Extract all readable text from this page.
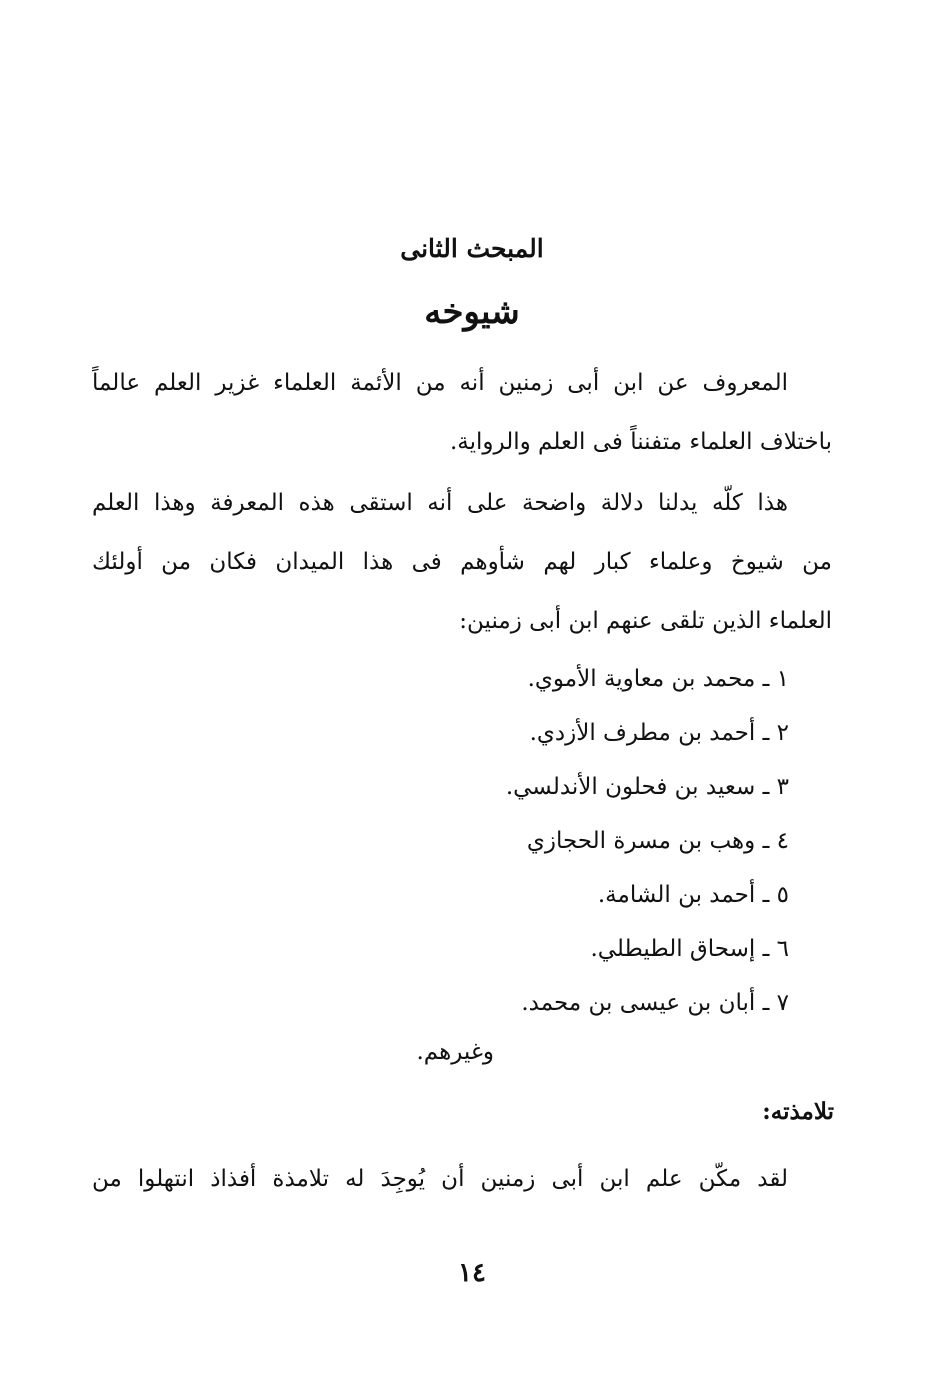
المبحث الثانى
شيوخه

المعروف عن ابن أبى زمنين أنه من الأئمة العلماء غزير العلم عالماً
باختلاف العلماء متفنناً فى العلم والرواية.

هذا كلّه يدلنا دلالة واضحة على أنه استقى هذه المعرفة وهذا العلم
من شيوخ وعلماء كبار لهم شأوهم فى هذا الميدان فكان من أولئك
العلماء الذين تلقى عنهم ابن أبى زمنين:

١ ـ محمد بن معاوية الأموي.
٢ ـ أحمد بن مطرف الأزدي.
٣ ـ سعيد بن فحلون الأندلسي.
٤ ـ وهب بن مسرة الحجازي
٥ ـ أحمد بن الشامة.
٦ ـ إسحاق الطيطلي.
٧ ـ أبان بن عيسى بن محمد.
وغيرهم.
تلامذته:

لقد مكّن علم ابن أبى زمنين أن يُوجِدَ له تلامذة أفذاذ انتهلوا من

١٤
